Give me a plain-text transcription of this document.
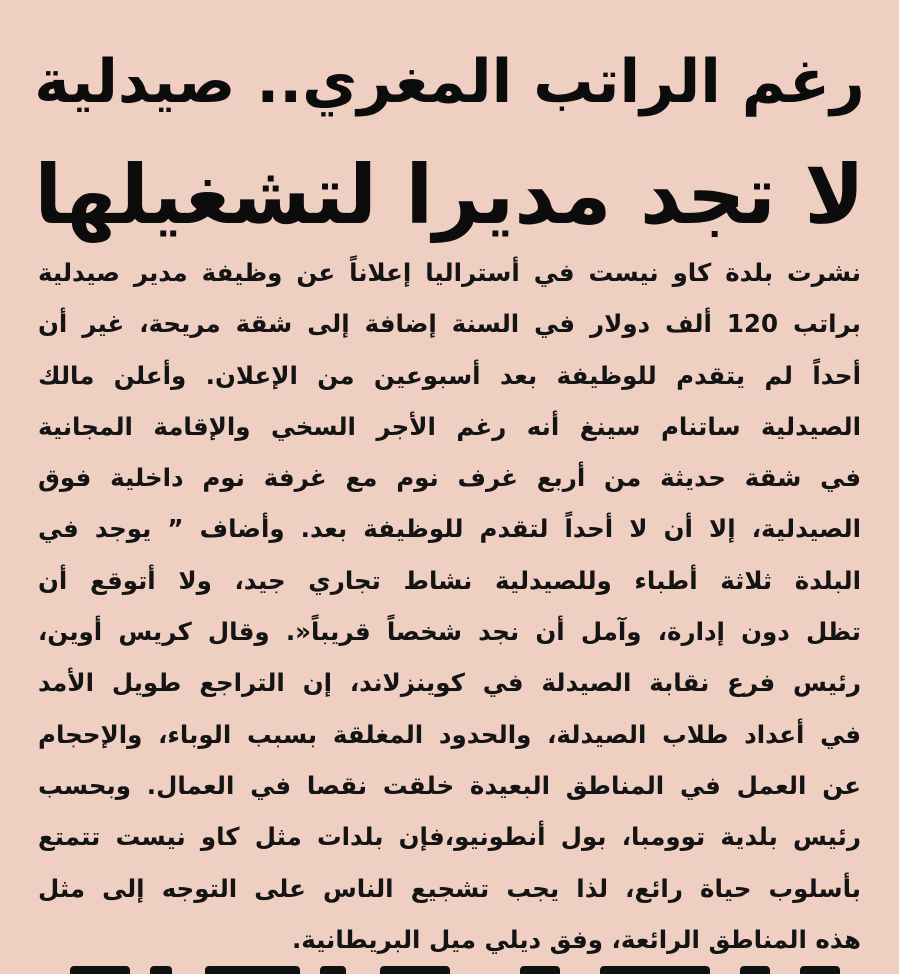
رغم الراتب المغري.. صيدلية
لا تجد مديرا لتشغيلها
نشرت بلدة كاو نيست في أستراليا إعلاناً عن وظيفة مدير صيدلية
براتب 120 ألف دولار في السنة إضافة إلى شقة مريحة، غير أن
أحداً لم يتقدم للوظيفة بعد أسبوعين من الإعلان. وأعلن مالك
الصيدلية ساتنام سينغ أنه رغم الأجر السخي والإقامة المجانية
في شقة حديثة من أربع غرف نوم مع غرفة نوم داخلية فوق
الصيدلية، إلا أن لا أحداً لتقدم للوظيفة بعد. وأضاف ” يوجد في
البلدة ثلاثة أطباء وللصيدلية نشاط تجاري جيد، ولا أتوقع أن
تظل دون إدارة، وآمل أن نجد شخصاً قريباً«. وقال كريس أوين،
رئيس فرع نقابة الصيدلة في كوينزلاند، إن التراجع طويل الأمد
في أعداد طلاب الصيدلة، والحدود المغلقة بسبب الوباء، والإحجام
عن العمل في المناطق البعيدة خلقت نقصا في العمال. وبحسب
رئيس بلدية توومبا، بول أنطونيو،فإن بلدات مثل كاو نيست تتمتع
بأسلوب حياة رائع، لذا يجب تشجيع الناس على التوجه إلى مثل
هذه المناطق الرائعة، وفق ديلي ميل البريطانية.
